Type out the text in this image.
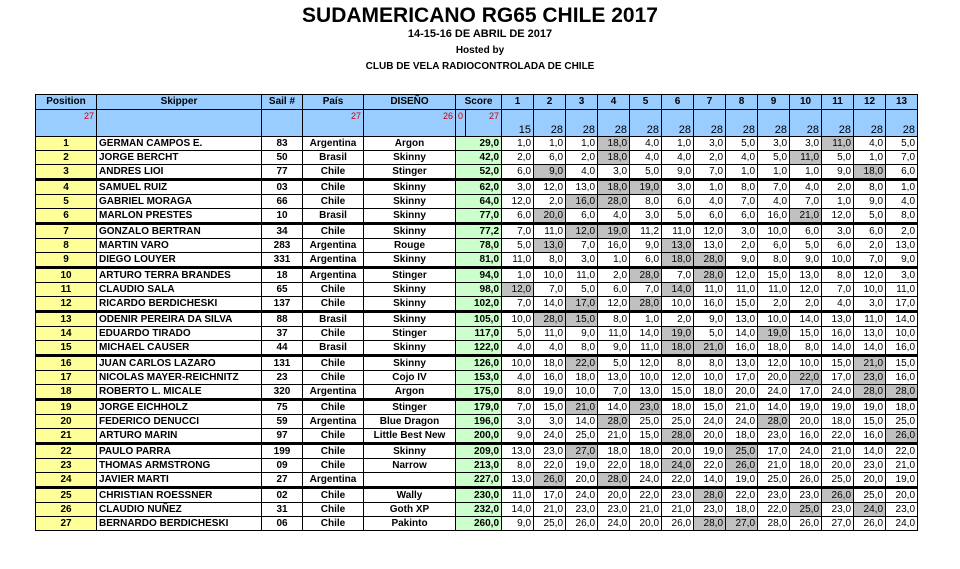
SUDAMERICANO RG65 CHILE 2017
14-15-16 DE ABRIL DE 2017
Hosted by
CLUB DE VELA RADIOCONTROLADA DE CHILE
Position	Skipper	Sail #	País	DISEÑO	Score		1	2	3	4	5	6	7	8	9	10	11	12	13
27			27	26	0	27	15	28	28	28	28	28	28	28	28	28	28	28	28
1	GERMAN CAMPOS E.	83	Argentina	Argon	29,0		1,0	1,0	1,0	18,0	4,0	1,0	3,0	5,0	3,0	3,0	11,0	4,0	5,0
2	JORGE BERCHT	50	Brasil	Skinny	42,0		2,0	6,0	2,0	18,0	4,0	4,0	2,0	4,0	5,0	11,0	5,0	1,0	7,0
3	ANDRES LIOI	77	Chile	Stinger	52,0		6,0	9,0	4,0	3,0	5,0	9,0	7,0	1,0	1,0	1,0	9,0	18,0	6,0
4	SAMUEL RUIZ	03	Chile	Skinny	62,0		3,0	12,0	13,0	18,0	19,0	3,0	1,0	8,0	7,0	4,0	2,0	8,0	1,0
5	GABRIEL MORAGA	66	Chile	Skinny	64,0		12,0	2,0	16,0	28,0	8,0	6,0	4,0	7,0	4,0	7,0	1,0	9,0	4,0
6	MARLON PRESTES	10	Brasil	Skinny	77,0		6,0	20,0	6,0	4,0	3,0	5,0	6,0	6,0	16,0	21,0	12,0	5,0	8,0
7	GONZALO BERTRAN	34	Chile	Skinny	77,2		7,0	11,0	12,0	19,0	11,2	11,0	12,0	3,0	10,0	6,0	3,0	6,0	2,0
8	MARTIN VARO	283	Argentina	Rouge	78,0		5,0	13,0	7,0	16,0	9,0	13,0	13,0	2,0	6,0	5,0	6,0	2,0	13,0
9	DIEGO LOUYER	331	Argentina	Skinny	81,0		11,0	8,0	3,0	1,0	6,0	18,0	28,0	9,0	8,0	9,0	10,0	7,0	9,0
10	ARTURO TERRA BRANDES	18	Argentina	Stinger	94,0		1,0	10,0	11,0	2,0	28,0	7,0	28,0	12,0	15,0	13,0	8,0	12,0	3,0
11	CLAUDIO SALA	65	Chile	Skinny	98,0		12,0	7,0	5,0	6,0	7,0	14,0	11,0	11,0	11,0	12,0	7,0	10,0	11,0
12	RICARDO BERDICHESKI	137	Chile	Skinny	102,0		7,0	14,0	17,0	12,0	28,0	10,0	16,0	15,0	2,0	2,0	4,0	3,0	17,0
13	ODENIR PEREIRA DA SILVA	88	Brasil	Skinny	105,0		10,0	28,0	15,0	8,0	1,0	2,0	9,0	13,0	10,0	14,0	13,0	11,0	14,0
14	EDUARDO TIRADO	37	Chile	Stinger	117,0		5,0	11,0	9,0	11,0	14,0	19,0	5,0	14,0	19,0	15,0	16,0	13,0	10,0
15	MICHAEL CAUSER	44	Brasil	Skinny	122,0		4,0	4,0	8,0	9,0	11,0	18,0	21,0	16,0	18,0	8,0	14,0	14,0	16,0
16	JUAN CARLOS LAZARO	131	Chile	Skinny	126,0		10,0	18,0	22,0	5,0	12,0	8,0	8,0	13,0	12,0	10,0	15,0	21,0	15,0
17	NICOLAS MAYER-REICHNITZ	23	Chile	Cojo IV	153,0		4,0	16,0	18,0	13,0	10,0	12,0	10,0	17,0	20,0	22,0	17,0	23,0	16,0
18	ROBERTO L. MICALE	320	Argentina	Argon	175,0		8,0	19,0	10,0	7,0	13,0	15,0	18,0	20,0	24,0	17,0	24,0	28,0	28,0
19	JORGE EICHHOLZ	75	Chile	Stinger	179,0		7,0	15,0	21,0	14,0	23,0	18,0	15,0	21,0	14,0	19,0	19,0	19,0	18,0
20	FEDERICO DENUCCI	59	Argentina	Blue Dragon	196,0		3,0	3,0	14,0	28,0	25,0	25,0	24,0	24,0	28,0	20,0	18,0	15,0	25,0
21	ARTURO MARIN	97	Chile	Little Best New	200,0		9,0	24,0	25,0	21,0	15,0	28,0	20,0	18,0	23,0	16,0	22,0	16,0	26,0
22	PAULO PARRA	199	Chile	Skinny	209,0		13,0	23,0	27,0	18,0	18,0	20,0	19,0	25,0	17,0	24,0	21,0	14,0	22,0
23	THOMAS ARMSTRONG	09	Chile	Narrow	213,0		8,0	22,0	19,0	22,0	18,0	24,0	22,0	26,0	21,0	18,0	20,0	23,0	21,0
24	JAVIER MARTI	27	Argentina		227,0		13,0	26,0	20,0	28,0	24,0	22,0	14,0	19,0	25,0	26,0	25,0	20,0	19,0
25	CHRISTIAN ROESSNER	02	Chile	Wally	230,0		11,0	17,0	24,0	20,0	22,0	23,0	28,0	22,0	23,0	23,0	26,0	25,0	20,0
26	CLAUDIO NUÑEZ	31	Chile	Goth XP	232,0		14,0	21,0	23,0	23,0	21,0	21,0	23,0	18,0	22,0	25,0	23,0	24,0	23,0
27	BERNARDO BERDICHESKI	06	Chile	Pakinto	260,0		9,0	25,0	26,0	24,0	20,0	26,0	28,0	27,0	28,0	26,0	27,0	26,0	24,0
